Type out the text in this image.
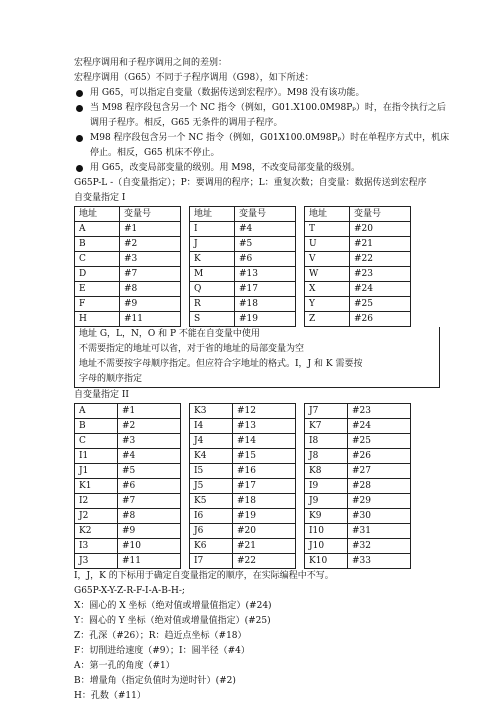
宏程序调用和子程序调用之间的差别：
宏程序调用（G65）不同于子程序调用（G98），如下所述：
用 G65，可以指定自变量（数据传送到宏程序）。M98 没有该功能。
当 M98 程序段包含另一个 NC 指令（例如，G01.X100.0M98Pₚ）时，在指令执行之后
调用子程序。相反，G65 无条件的调用子程序。
M98 程序段包含另一个 NC 指令（例如，G01X100.0M98Pₚ）时在单程序方式中，机床
停止。相反，G65 机床不停止。
用 G65，改变局部变量的级别。用 M98，不改变局部变量的级别。
G65P-L -（自变量指定）；P：要调用的程序；L：重复次数；自变量：数据传送到宏程序
自变量指定 I
地址	变量号
A	#1
B	#2
C	#3
D	#7
E	#8
F	#9
H	#11
地址	变量号
I	#4
J	#5
K	#6
M	#13
Q	#17
R	#18
S	#19
地址	变量号
T	#20
U	#21
V	#22
W	#23
X	#24
Y	#25
Z	#26
地址 G，L，N，O 和 P 不能在自变量中使用
不需要指定的地址可以省，对于省的地址的局部变量为空
地址不需要按字母顺序指定。但应符合字地址的格式。I，J 和 K 需要按
字母的顺序指定
自变量指定 II
A	#1
B	#2
C	#3
I1	#4
J1	#5
K1	#6
I2	#7
J2	#8
K2	#9
I3	#10
J3	#11
K3	#12
I4	#13
J4	#14
K4	#15
I5	#16
J5	#17
K5	#18
I6	#19
J6	#20
K6	#21
I7	#22
J7	#23
K7	#24
I8	#25
J8	#26
K8	#27
I9	#28
J9	#29
K9	#30
I10	#31
J10	#32
K10	#33
I，J，K 的下标用于确定自变量指定的顺序，在实际编程中不写。
G65P-X-Y-Z-R-F-I-A-B-H-;
X：圆心的 X 坐标（绝对值或增量值指定）(#24)
Y：圆心的 Y 坐标（绝对值或增量值指定）(#25)
Z：孔深（#26）；R：趋近点坐标（#18）
F：切削进给速度（#9）；I：圆半径（#4）
A：第一孔的角度（#1）
B：增量角（指定负值时为逆时针）(#2)
H：孔数（#11）
